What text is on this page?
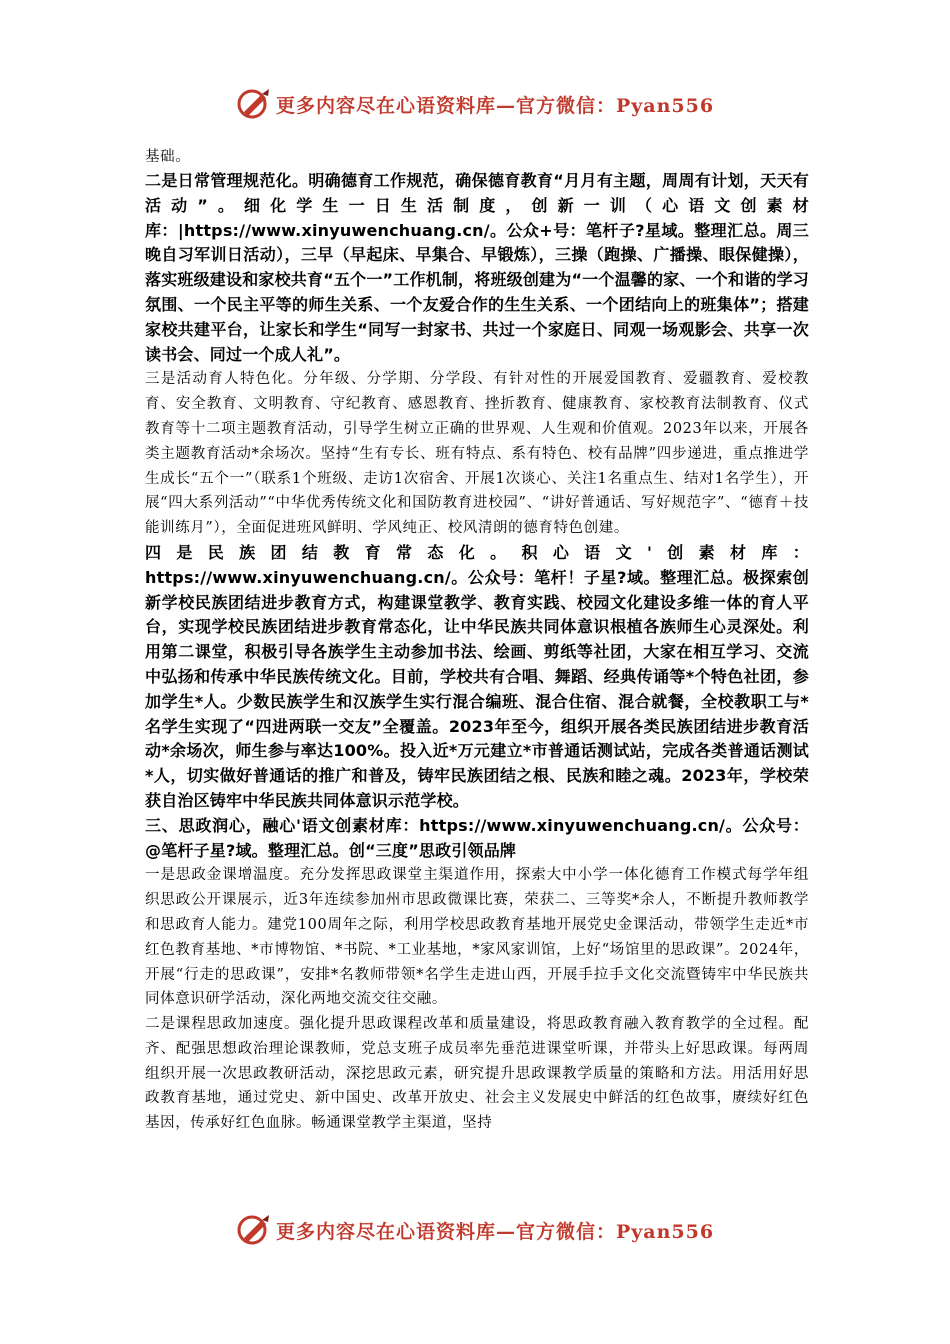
更多内容尽在心语资料库—官方微信：Pyan556

基础。

二是日常管理规范化。明确德育工作规范，确保德育教育“月月有主题，周周有计划，天天有活动”。细化学生一日生活制度，创新一训（心语文创素材库：|https://www.xinyuwenchuang.cn/。公众+号：笔杆子?星域。整理汇总。周三晚自习军训日活动），三早（早起床、早集合、早锻炼），三操（跑操、广播操、眼保健操），落实班级建设和家校共育“五个一”工作机制，将班级创建为“一个温馨的家、一个和谐的学习氛围、一个民主平等的师生关系、一个友爱合作的生生关系、一个团结向上的班集体”；搭建家校共建平台，让家长和学生“同写一封家书、共过一个家庭日、同观一场观影会、共享一次读书会、同过一个成人礼”。

三是活动育人特色化。分年级、分学期、分学段、有针对性的开展爱国教育、爱疆教育、爱校教育、安全教育、文明教育、守纪教育、感恩教育、挫折教育、健康教育、家校教育法制教育、仪式教育等十二项主题教育活动，引导学生树立正确的世界观、人生观和价值观。2023年以来，开展各类主题教育活动*余场次。坚持“生有专长、班有特点、系有特色、校有品牌”四步递进，重点推进学生成长“五个一”（联系1个班级、走访1次宿舍、开展1次谈心、关注1名重点生、结对1名学生），开展“四大系列活动”“中华优秀传统文化和国防教育进校园”、“讲好普通话、写好规范字”、“德育＋技能训练月”），全面促进班风鲜明、学风纯正、校风清朗的德育特色创建。

四是民族团结教育常态化。积心语文'创素材库：https://www.xinyuwenchuang.cn/。公众号：笔杆！子星?域。整理汇总。极探索创新学校民族团结进步教育方式，构建课堂教学、教育实践、校园文化建设多维一体的育人平台，实现学校民族团结进步教育常态化，让中华民族共同体意识根植各族师生心灵深处。利用第二课堂，积极引导各族学生主动参加书法、绘画、剪纸等社团，大家在相互学习、交流中弘扬和传承中华民族传统文化。目前，学校共有合唱、舞蹈、经典传诵等*个特色社团，参加学生*人。少数民族学生和汉族学生实行混合编班、混合住宿、混合就餐，全校教职工与*名学生实现了“四进两联一交友”全覆盖。2023年至今，组织开展各类民族团结进步教育活动*余场次，师生参与率达100%。投入近*万元建立*市普通话测试站，完成各类普通话测试*人，切实做好普通话的推广和普及，铸牢民族团结之根、民族和睦之魂。2023年，学校荣获自治区铸牢中华民族共同体意识示范学校。

三、思政润心，融心'语文创素材库：https://www.xinyuwenchuang.cn/。公众号：@笔杆子星?域。整理汇总。创“三度”思政引领品牌

一是思政金课增温度。充分发挥思政课堂主渠道作用，探索大中小学一体化德育工作模式每学年组织思政公开课展示，近3年连续参加州市思政微课比赛，荣获二、三等奖*余人，不断提升教师教学和思政育人能力。建党100周年之际，利用学校思政教育基地开展党史金课活动，带领学生走近*市红色教育基地、*市博物馆、*书院、*工业基地，*家风家训馆，上好“场馆里的思政课”。2024年，开展“行走的思政课”，安排*名教师带领*名学生走进山西，开展手拉手文化交流暨铸牢中华民族共同体意识研学活动，深化两地交流交往交融。

二是课程思政加速度。强化提升思政课程改革和质量建设，将思政教育融入教育教学的全过程。配齐、配强思想政治理论课教师，党总支班子成员率先垂范进课堂听课，并带头上好思政课。每两周组织开展一次思政教研活动，深挖思政元素，研究提升思政课教学质量的策略和方法。用活用好思政教育基地，通过党史、新中国史、改革开放史、社会主义发展史中鲜活的红色故事，赓续好红色基因，传承好红色血脉。畅通课堂教学主渠道，坚持

更多内容尽在心语资料库—官方微信：Pyan556
